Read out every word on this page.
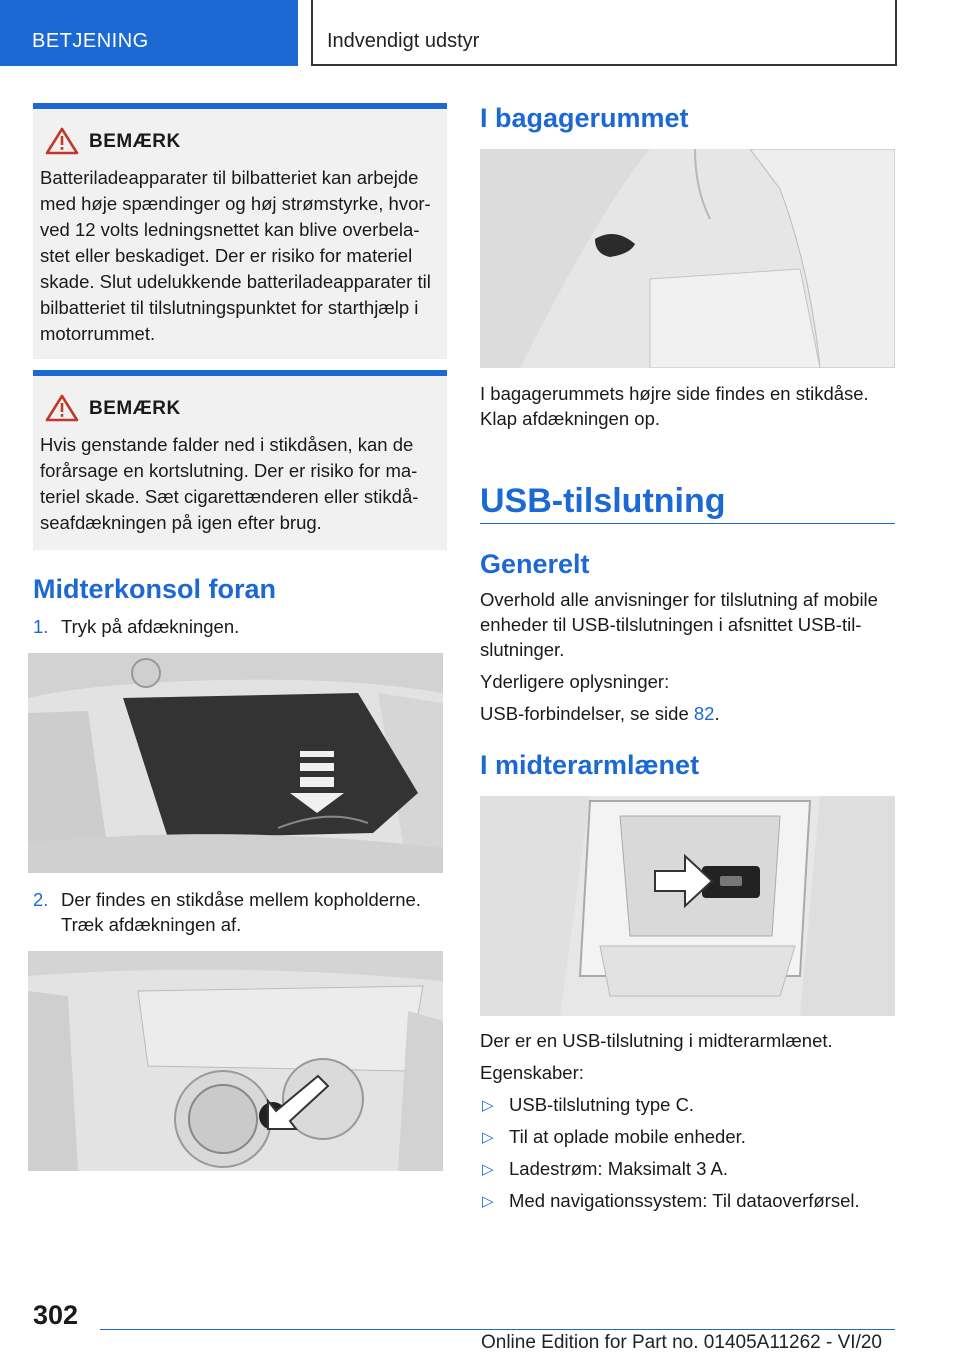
BETJENING	Indvendigt udstyr
BEMÆRK
Batteriladeapparater til bilbatteriet kan arbejde
med høje spændinger og høj strømstyrke, hvor-
ved 12 volts ledningsnettet kan blive overbela-
stet eller beskadiget. Der er risiko for materiel
skade. Slut udelukkende batteriladeapparater til
bilbatteriet til tilslutningspunktet for starthjælp i
motorrummet.
BEMÆRK
Hvis genstande falder ned i stikdåsen, kan de
forårsage en kortslutning. Der er risiko for ma-
teriel skade. Sæt cigarettænderen eller stikdå-
seafdækningen på igen efter brug.
Midterkonsol foran
1. Tryk på afdækningen.
2. Der findes en stikdåse mellem kopholderne.
Træk afdækningen af.
I bagagerummet
I bagagerummets højre side findes en stikdåse.
Klap afdækningen op.
USB-tilslutning
Generelt
Overhold alle anvisninger for tilslutning af mobile
enheder til USB-tilslutningen i afsnittet USB-til-
slutninger.
Yderligere oplysninger:
USB-forbindelser, se side 82.
I midterarmlænet
Der er en USB-tilslutning i midterarmlænet.
Egenskaber:
▷ USB-tilslutning type C.
▷ Til at oplade mobile enheder.
▷ Ladestrøm: Maksimalt 3 A.
▷ Med navigationssystem: Til dataoverførsel.
302
Online Edition for Part no. 01405A11262 - VI/20
